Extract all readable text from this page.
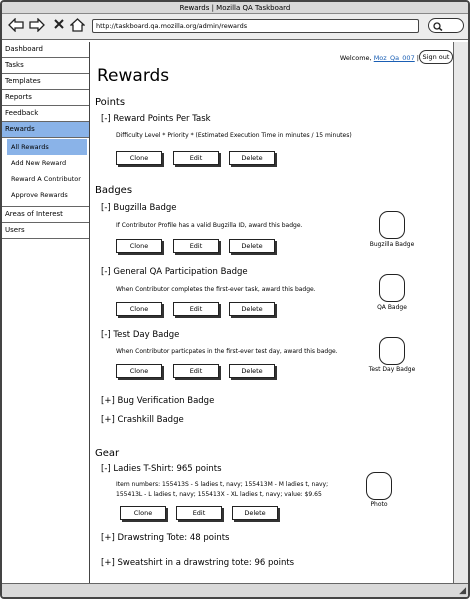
Rewards | Mozilla QA Taskboard
http://taskboard.qa.mozilla.org/admin/rewards
Dashboard
Tasks
Templates
Reports
Feedback
Rewards
All Rewards
Add New Reward
Reward A Contributor
Approve Rewards
Areas of Interest
Users
Welcome, Moz_Qa_007 | Sign out
Rewards
Points
[-] Reward Points Per Task
Difficulty Level * Priority * (Estimated Execution Time in minutes / 15 minutes)
Clone	Edit	Delete
Badges
[-] Bugzilla Badge
If Contributor Profile has a valid Bugzilla ID, award this badge.
Clone	Edit	Delete	Bugzilla Badge
[-] General QA Participation Badge
When Contributor completes the first-ever task, award this badge.
Clone	Edit	Delete	QA Badge
[-] Test Day Badge
When Contributor particpates in the first-ever test day, award this badge.
Clone	Edit	Delete	Test Day Badge
[+] Bug Verification Badge
[+] Crashkill Badge
Gear
[-] Ladies T-Shirt: 965 points
Item numbers: 155413S - S ladies t, navy; 155413M - M ladies t, navy;
155413L - L ladies t, navy; 155413X - XL ladies t, navy; value: $9.65
Clone	Edit	Delete
Photo
[+] Drawstring Tote: 48 points
[+] Sweatshirt in a drawstring tote: 96 points
◢
